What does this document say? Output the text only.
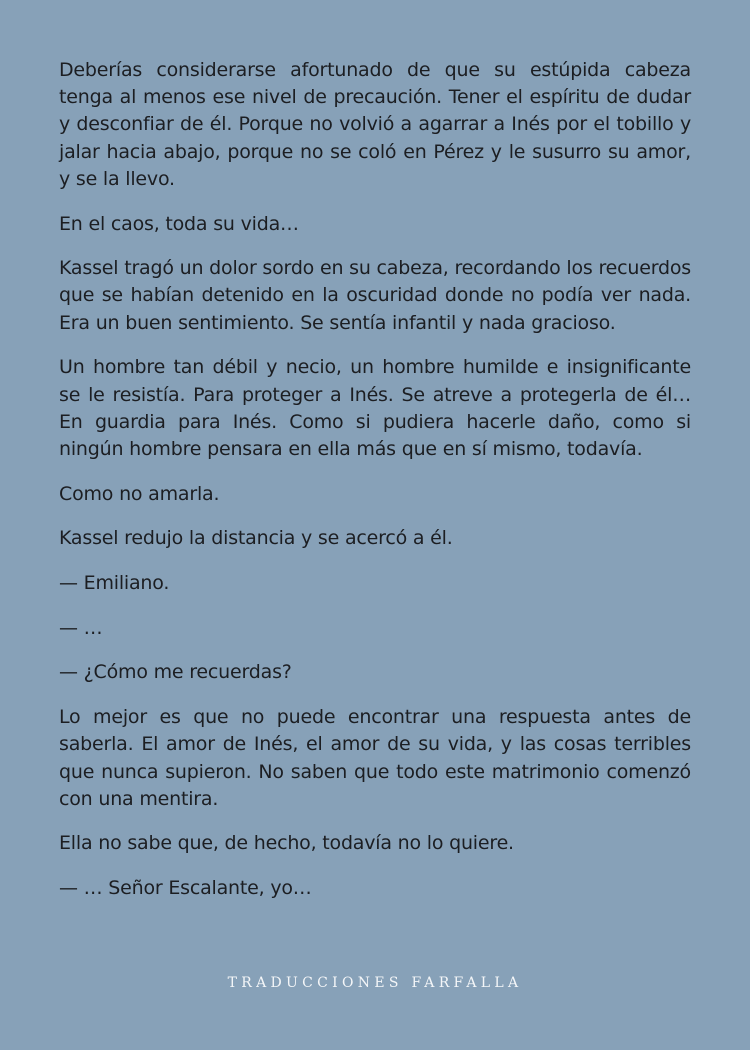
Deberías considerarse afortunado de que su estúpida cabeza tenga al menos ese nivel de precaución. Tener el espíritu de dudar y desconfiar de él. Porque no volvió a agarrar a Inés por el tobillo y jalar hacia abajo, porque no se coló en Pérez y le susurro su amor, y se la llevo.

En el caos, toda su vida…

Kassel tragó un dolor sordo en su cabeza, recordando los recuerdos que se habían detenido en la oscuridad donde no podía ver nada. Era un buen sentimiento. Se sentía infantil y nada gracioso.

Un hombre tan débil y necio, un hombre humilde e insignificante se le resistía. Para proteger a Inés. Se atreve a protegerla de él… En guardia para Inés. Como si pudiera hacerle daño, como si ningún hombre pensara en ella más que en sí mismo, todavía.

Como no amarla.

Kassel redujo la distancia y se acercó a él.

— Emiliano.

— …

— ¿Cómo me recuerdas?

Lo mejor es que no puede encontrar una respuesta antes de saberla. El amor de Inés, el amor de su vida, y las cosas terribles que nunca supieron. No saben que todo este matrimonio comenzó con una mentira.

Ella no sabe que, de hecho, todavía no lo quiere.

— … Señor Escalante, yo…

TRADUCCIONES FARFALLA
